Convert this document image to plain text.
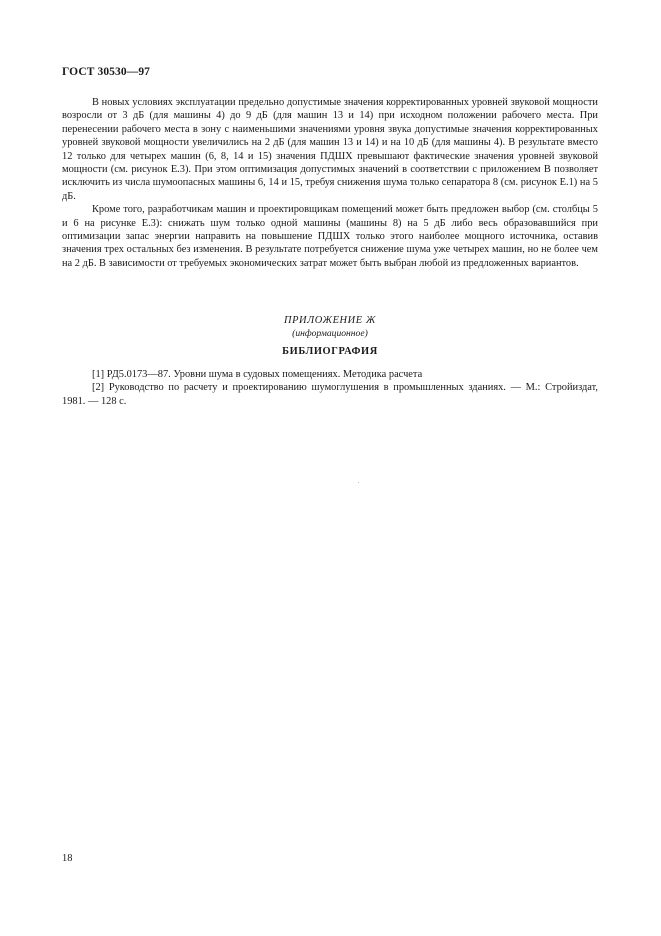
ГОСТ 30530—97

В новых условиях эксплуатации предельно допустимые значения корректированных уровней звуковой мощности возросли от 3 дБ (для машины 4) до 9 дБ (для машин 13 и 14) при исходном положении рабочего места. При перенесении рабочего места в зону с наименьшими значениями уровня звука допустимые значения корректированных уровней звуковой мощности увеличились на 2 дБ (для машин 13 и 14) и на 10 дБ (для машины 4). В результате вместо 12 только для четырех машин (6, 8, 14 и 15) значения ПДШХ превышают фактические значения уровней звуковой мощности (см. рисунок Е.3). При этом оптимизация допустимых значений в соответствии с приложением В позволяет исключить из числа шумоопасных машины 6, 14 и 15, требуя снижения шума только сепаратора 8 (см. рисунок Е.1) на 5 дБ.

Кроме того, разработчикам машин и проектировщикам помещений может быть предложен выбор (см. столбцы 5 и 6 на рисунке Е.3): снижать шум только одной машины (машины 8) на 5 дБ либо весь образовавшийся при оптимизации запас энергии направить на повышение ПДШХ только этого наиболее мощного источника, оставив значения трех остальных без изменения. В результате потребуется снижение шума уже четырех машин, но не более чем на 2 дБ. В зависимости от требуемых экономических затрат может быть выбран любой из предложенных вариантов.

ПРИЛОЖЕНИЕ Ж
(информационное)
БИБЛИОГРАФИЯ

[1] РД5.0173—87. Уровни шума в судовых помещениях. Методика расчета

[2] Руководство по расчету и проектированию шумоглушения в промышленных зданиях. — М.: Стройиздат, 1981. — 128 с.

18
